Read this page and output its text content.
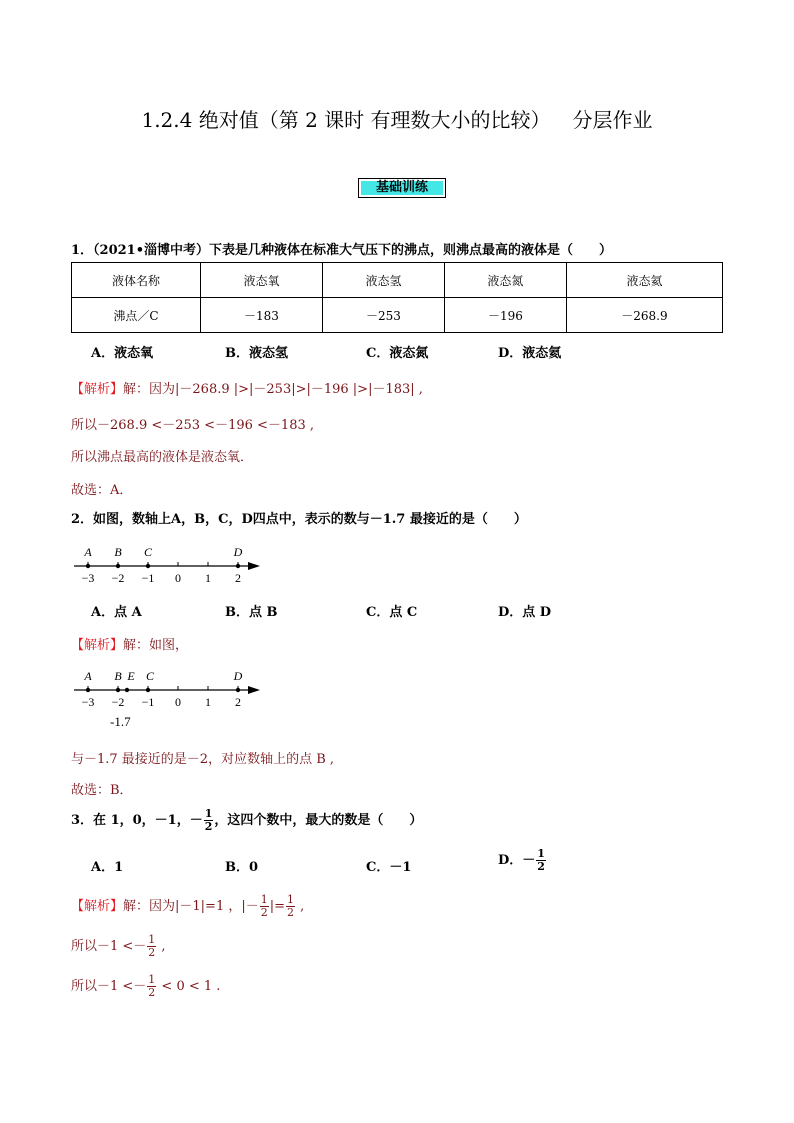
1.2.4 绝对值（第 2 课时 有理数大小的比较） 分层作业
基础训练
1．（2021•淄博中考）下表是几种液体在标准大气压下的沸点，则沸点最高的液体是（　　）
液体名称	液态氧	液态氢	液态氮	液态氦
沸点／C	－183	－253	－196	－268.9
A．液态氧	B．液态氢	C．液态氮	D．液态氦
【解析】解：因为|－268.9 |>|－253|>|－196 |>|－183| ,
所以－268.9 <－253 <－196 <－183 ,
所以沸点最高的液体是液态氧．
故选：A．
2．如图，数轴上A，B，C，D四点中，表示的数与－1.7 最接近的是（　　）
−3 −2 −1 0 1 2
A B C	D
A．点 A	B．点 B	C．点 C	D．点 D
【解析】解：如图，
−3 −2 −1 0 1 2
A B E C	D
-1.7
与－1.7 最接近的是－2，对应数轴上的点 B ,
故选：B．
3．在 1，0，－1，－ $\frac{1}{2}$ ，这四个数中，最大的数是（　　）
A．1	B．0	C．－1	D．－ $\frac{1}{2}$
【解析】解：因为|－1|=1 ，|－ $\frac{1}{2}$ |= $\frac{1}{2}$ ,
所以$-1 <- \frac{1}{2}$ ,
所以$-1 <- \frac{1}{2} < 0 < 1$ .
